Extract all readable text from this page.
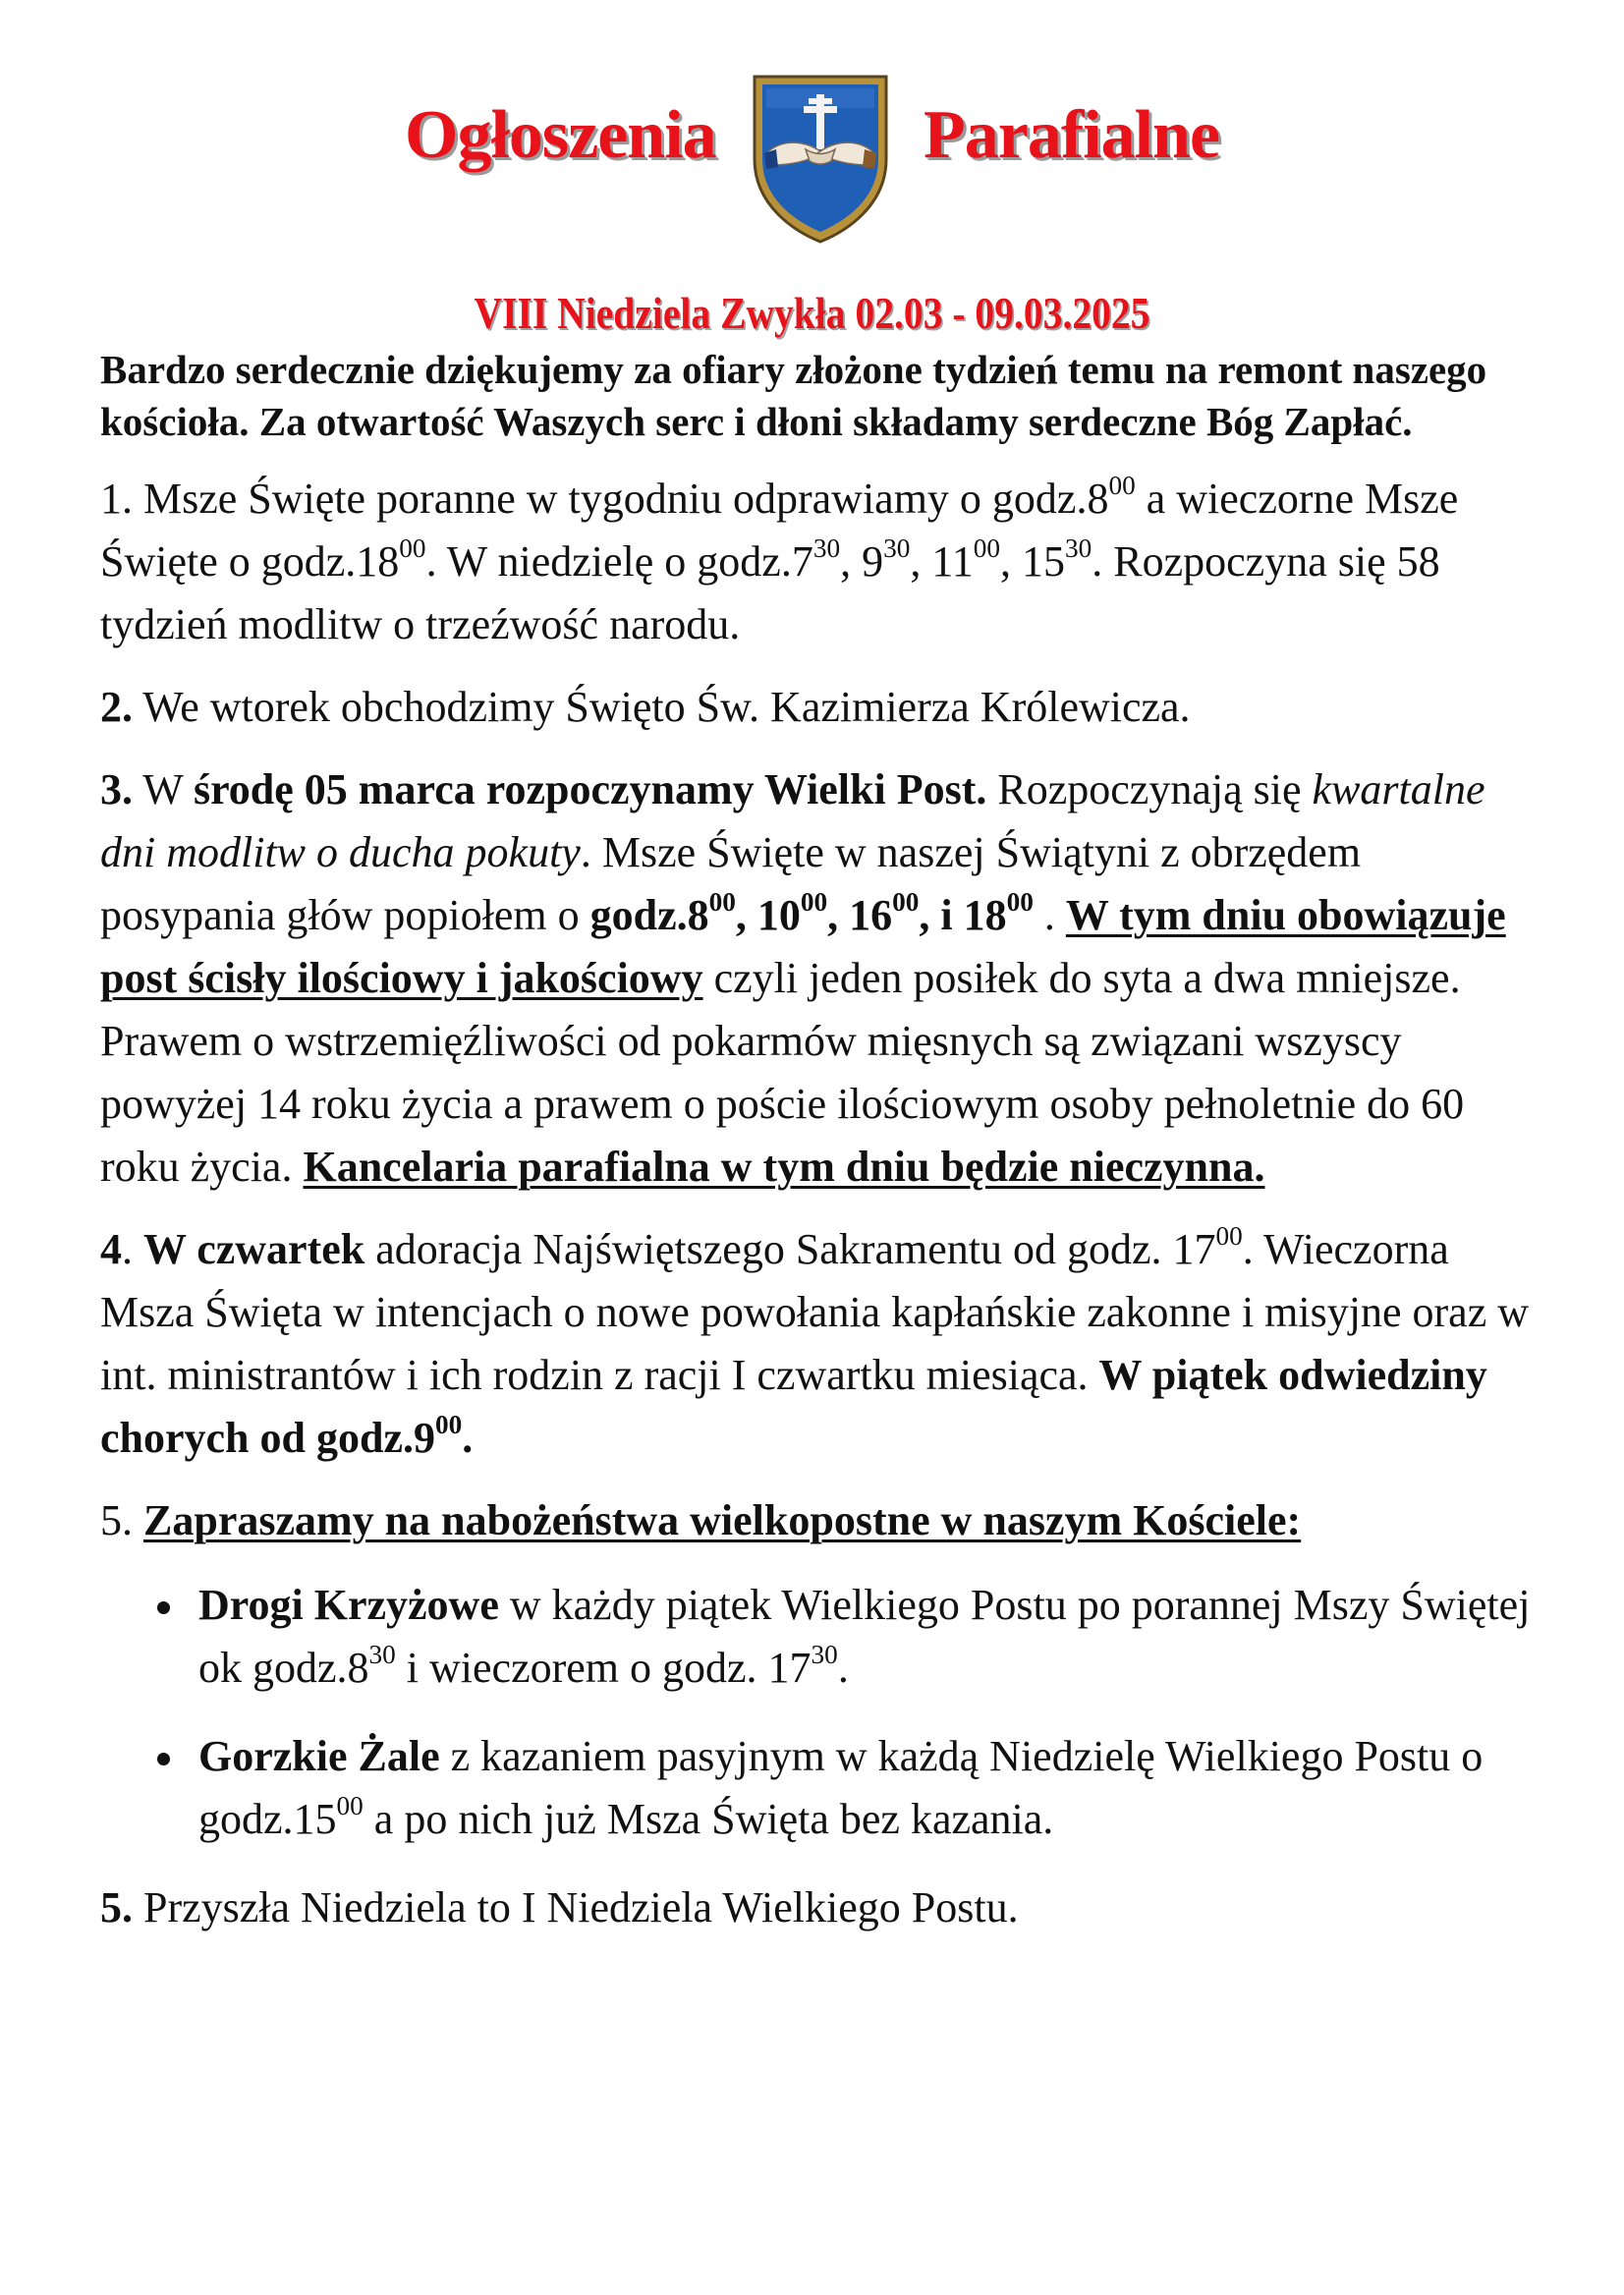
Ogłoszenia	Parafialne
VIII Niedziela Zwykła 02.03 - 09.03.2025

Bardzo serdecznie dziękujemy za ofiary złożone tydzień temu na remont naszego kościoła. Za otwartość Waszych serc i dłoni składamy serdeczne Bóg Zapłać.

1. Msze Święte poranne w tygodniu odprawiamy o $godz.8^{00}$ a wieczorne Msze Święte o $godz.18^{00}$. W niedzielę o $godz.7^{30}$, $9^{30}$, $11^{00}$, $15^{30}$. Rozpoczyna się 58 tydzień modlitw o trzeźwość narodu.

2. We wtorek obchodzimy Święto Św. Kazimierza Królewicza.

3. W środę 05 marca rozpoczynamy Wielki Post. Rozpoczynają się kwartalne dni modlitw o ducha pokuty. Msze Święte w naszej Świątyni z obrzędem posypania głów popiołem o $godz.8^{00}$, $10^{00}$, $16^{00}$, i $18^{00}$ . W tym dniu obowiązuje post ścisły ilościowy i jakościowy czyli jeden posiłek do syta a dwa mniejsze. Prawem o wstrzemięźliwości od pokarmów mięsnych są związani wszyscy powyżej 14 roku życia a prawem o poście ilościowym osoby pełnoletnie do 60 roku życia. Kancelaria parafialna w tym dniu będzie nieczynna.

4. W czwartek adoracja Najświętszego Sakramentu od godz. $17^{00}$. Wieczorna Msza Święta w intencjach o nowe powołania kapłańskie zakonne i misyjne oraz w int. ministrantów i ich rodzin z racji I czwartku miesiąca. W piątek odwiedziny chorych od $godz.9^{00}$.

5. Zapraszamy na nabożeństwa wielkopostne w naszym Kościele:

Drogi Krzyżowe w każdy piątek Wielkiego Postu po porannej Mszy Świętej ok $godz.8^{30}$ i wieczorem o godz. $17^{30}$.
Gorzkie Żale z kazaniem pasyjnym w każdą Niedzielę Wielkiego Postu o $godz.15^{00}$ a po nich już Msza Święta bez kazania.

5. Przyszła Niedziela to I Niedziela Wielkiego Postu.
